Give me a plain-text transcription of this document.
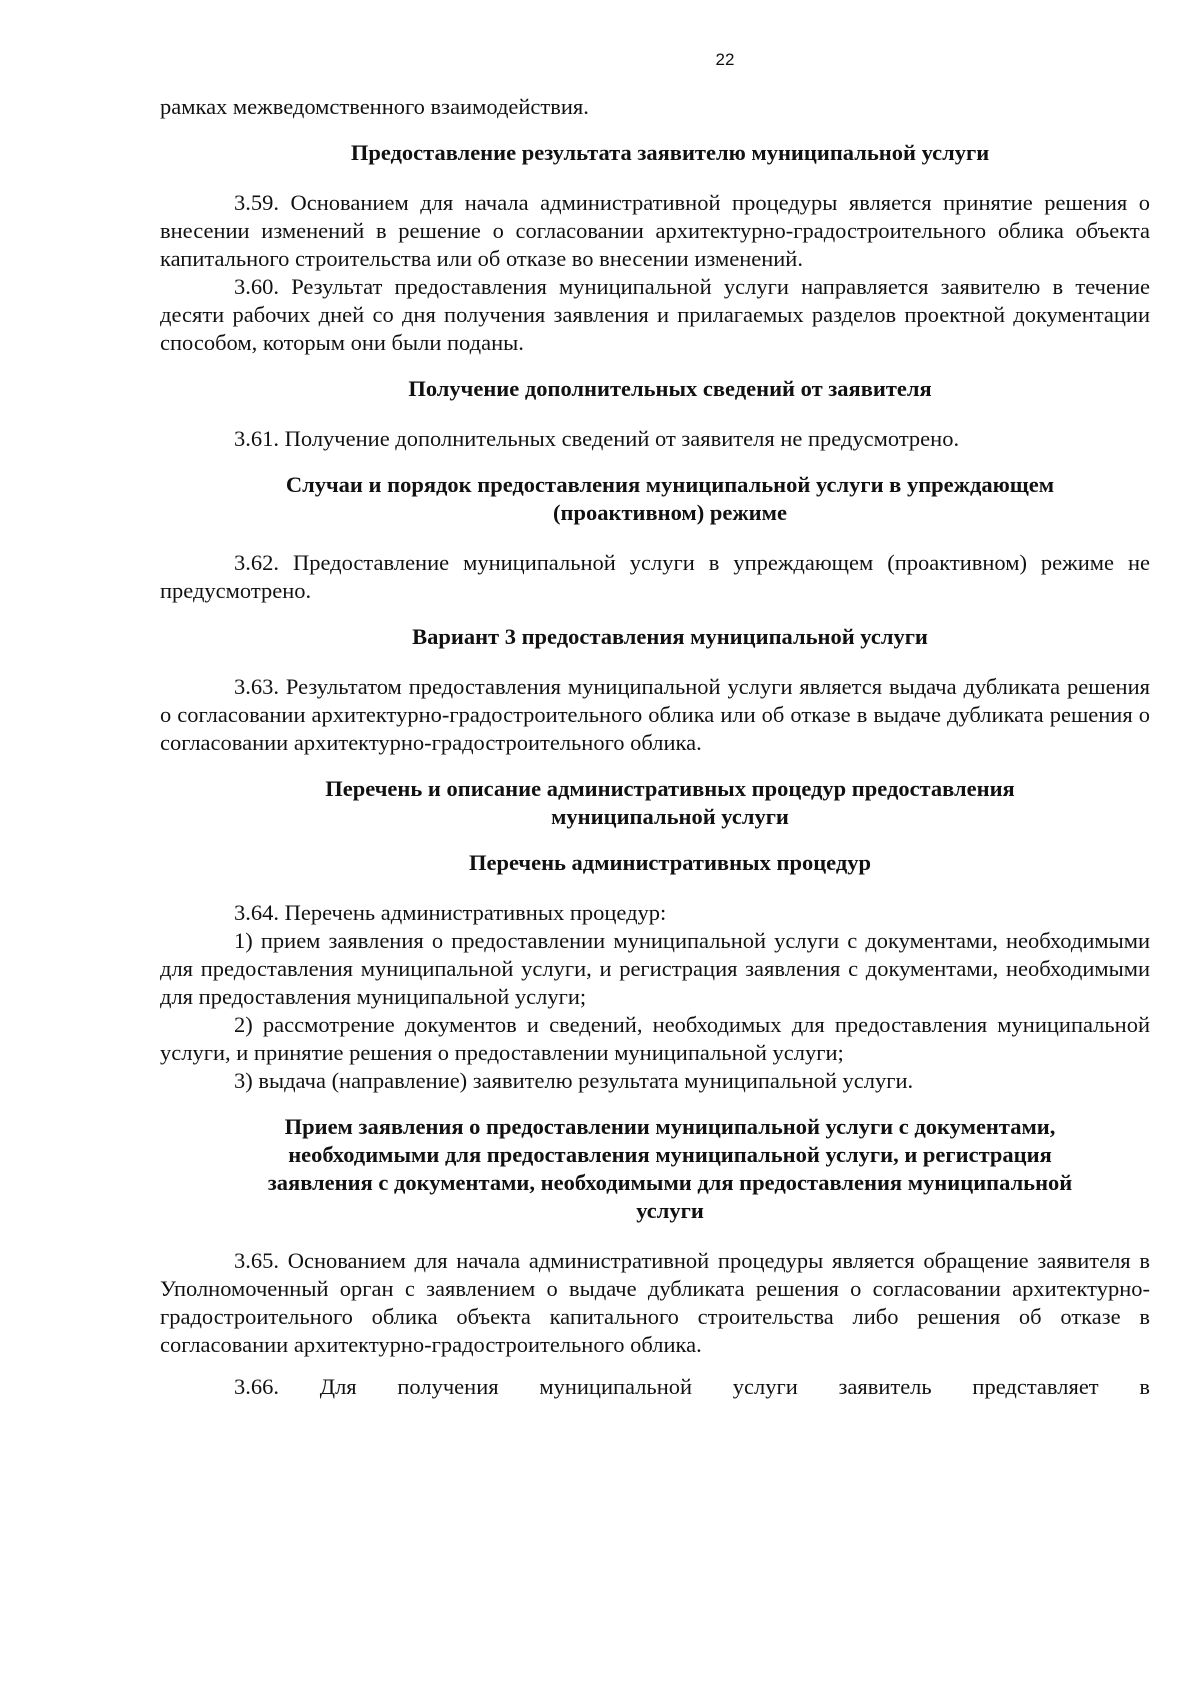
22

рамках межведомственного взаимодействия.

Предоставление результата заявителю муниципальной услуги

3.59. Основанием для начала административной процедуры является принятие решения о внесении изменений в решение о согласовании архитектурно-градостроительного облика объекта капитального строительства или об отказе во внесении изменений.

3.60. Результат предоставления муниципальной услуги направляется заявителю в течение десяти рабочих дней со дня получения заявления и прилагаемых разделов проектной документации способом, которым они были поданы.

Получение дополнительных сведений от заявителя

3.61. Получение дополнительных сведений от заявителя не предусмотрено.

Случаи и порядок предоставления муниципальной услуги в упреждающем
(проактивном) режиме

3.62. Предоставление муниципальной услуги в упреждающем (проактивном) режиме не предусмотрено.

Вариант 3 предоставления муниципальной услуги

3.63. Результатом предоставления муниципальной услуги является выдача дубликата решения о согласовании архитектурно-градостроительного облика или об отказе в выдаче дубликата решения о согласовании архитектурно-градостроительного облика.

Перечень и описание административных процедур предоставления
муниципальной услуги
Перечень административных процедур

3.64. Перечень административных процедур:

1) прием заявления о предоставлении муниципальной услуги с документами, необходимыми для предоставления муниципальной услуги, и регистрация заявления с документами, необходимыми для предоставления муниципальной услуги;

2) рассмотрение документов и сведений, необходимых для предоставления муниципальной услуги, и принятие решения о предоставлении муниципальной услуги;

3) выдача (направление) заявителю результата муниципальной услуги.

Прием заявления о предоставлении муниципальной услуги с документами,
необходимыми для предоставления муниципальной услуги, и регистрация
заявления с документами, необходимыми для предоставления муниципальной
услуги

3.65. Основанием для начала административной процедуры является обращение заявителя в Уполномоченный орган с заявлением о выдаче дубликата решения о согласовании архитектурно-градостроительного облика объекта капитального строительства либо решения об отказе в согласовании архитектурно-градостроительного облика.

3.66. Для получения муниципальной услуги заявитель представляет в
